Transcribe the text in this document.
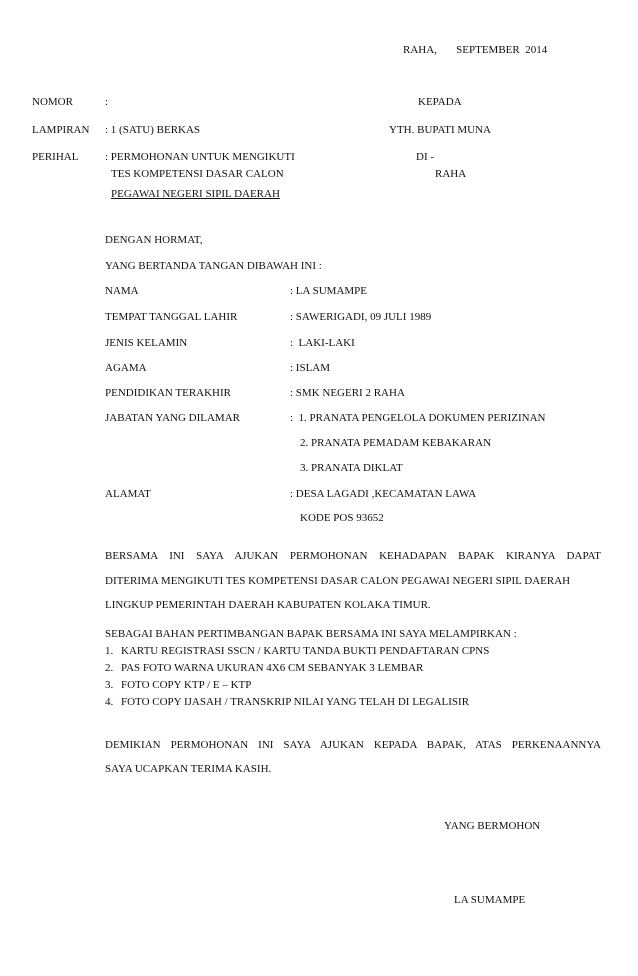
RAHA,       SEPTEMBER  2014
NOMOR	:	KEPADA
LAMPIRAN : 1 (SATU) BERKAS	YTH. BUPATI MUNA
PERIHAL : PERMOHONAN UNTUK MENGIKUTI	DI -
TES KOMPETENSI DASAR CALON	RAHA
PEGAWAI NEGERI SIPIL DAERAH
DENGAN HORMAT,
YANG BERTANDA TANGAN DIBAWAH INI :
NAMA	: LA SUMAMPE
TEMPAT TANGGAL LAHIR	: SAWERIGADI, 09 JULI 1989
JENIS KELAMIN	:  LAKI-LAKI
AGAMA	: ISLAM
PENDIDIKAN TERAKHIR	: SMK NEGERI 2 RAHA
JABATAN YANG DILAMAR	:  1. PRANATA PENGELOLA DOKUMEN PERIZINAN
2. PRANATA PEMADAM KEBAKARAN
3. PRANATA DIKLAT
ALAMAT	: DESA LAGADI ,KECAMATAN LAWA
KODE POS 93652
BERSAMA INI SAYA AJUKAN PERMOHONAN KEHADAPAN BAPAK KIRANYA DAPAT
DITERIMA MENGIKUTI TES KOMPETENSI DASAR CALON PEGAWAI NEGERI SIPIL DAERAH
LINGKUP PEMERINTAH DAERAH KABUPATEN KOLAKA TIMUR.
SEBAGAI BAHAN PERTIMBANGAN BAPAK BERSAMA INI SAYA MELAMPIRKAN :
1. KARTU REGISTRASI SSCN / KARTU TANDA BUKTI PENDAFTARAN CPNS
2. PAS FOTO WARNA UKURAN 4X6 CM SEBANYAK 3 LEMBAR
3. FOTO COPY KTP / E – KTP
4. FOTO COPY IJASAH / TRANSKRIP NILAI YANG TELAH DI LEGALISIR
DEMIKIAN PERMOHONAN INI SAYA AJUKAN KEPADA BAPAK, ATAS PERKENAANNYA
SAYA UCAPKAN TERIMA KASIH.
YANG BERMOHON
LA SUMAMPE
